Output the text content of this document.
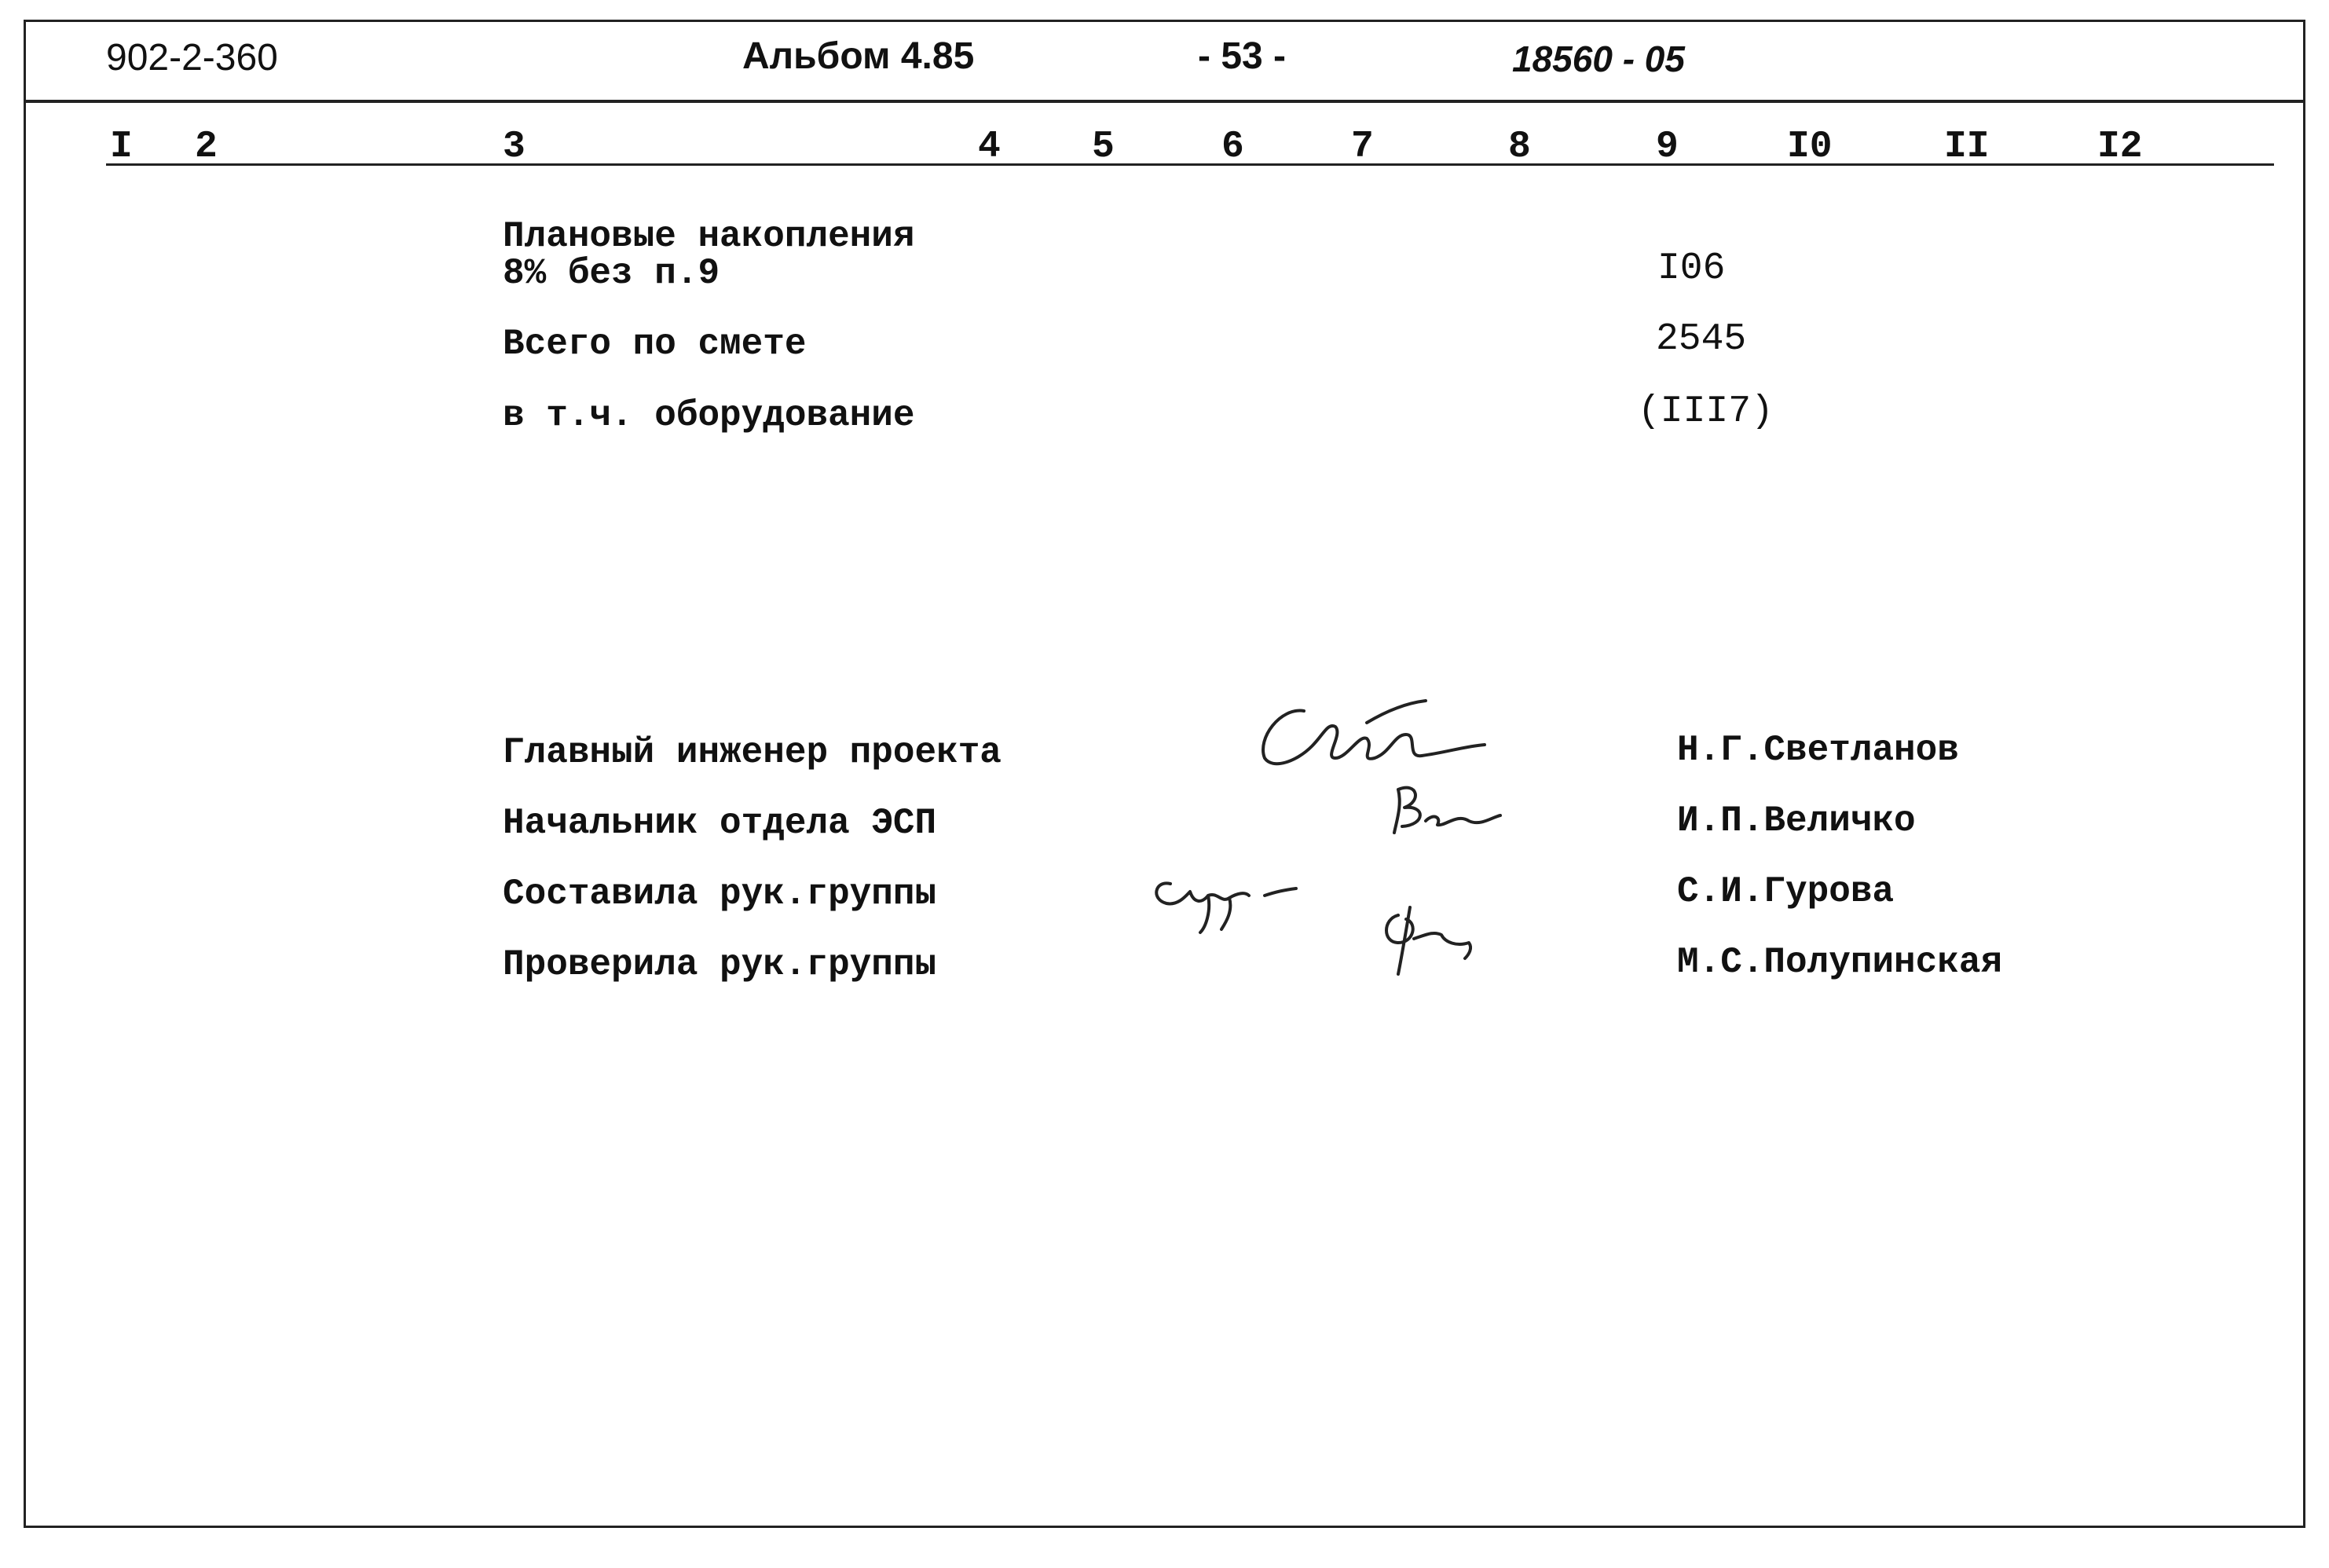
902-2-360	Альбом 4.85	- 53 -	18560 - 05
I 2	3	4 5	6	7	8	9	I0	II	I2
Плановые накопления
8% без п.9	I06
Всего по смете	2545
в т.ч. оборудование	(III7)
Главный инженер проекта	Н.Г.Светланов
Начальник отдела ЭСП	И.П.Величко
Составила рук.группы	С.И.Гурова
Проверила рук.группы	М.С.Полупинская
